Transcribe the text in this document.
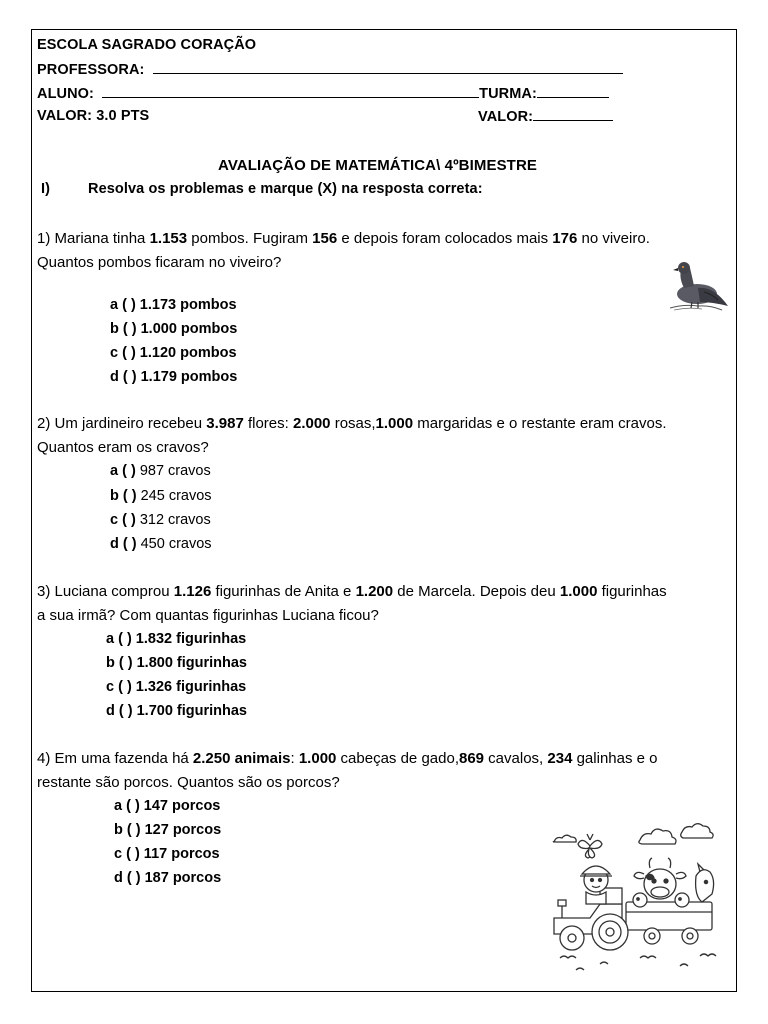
ESCOLA SAGRADO CORAÇÃO
PROFESSORA:
ALUNO:	TURMA:
VALOR: 3.0 PTS	VALOR:
AVALIAÇÃO DE MATEMÁTICA\ 4ºBIMESTRE
I)	Resolva os problemas e marque (X) na resposta correta:
1) Mariana tinha 1.153 pombos. Fugiram 156 e depois foram colocados mais 176 no viveiro.
Quantos pombos ficaram no viveiro?
a ( ) 1.173 pombos
b ( ) 1.000 pombos
c ( ) 1.120 pombos
d ( ) 1.179 pombos
2) Um jardineiro recebeu 3.987 flores: 2.000 rosas,1.000 margaridas e o restante eram cravos.
Quantos eram os cravos?
a ( ) 987 cravos
b ( ) 245 cravos
c ( ) 312 cravos
d ( ) 450 cravos
3) Luciana comprou 1.126 figurinhas de Anita e 1.200 de Marcela. Depois deu 1.000 figurinhas
a sua irmã? Com quantas figurinhas Luciana ficou?
a ( ) 1.832 figurinhas
b ( ) 1.800 figurinhas
c ( ) 1.326 figurinhas
d ( ) 1.700 figurinhas
4) Em uma fazenda há 2.250 animais: 1.000 cabeças de gado,869 cavalos, 234 galinhas e o
restante são porcos. Quantos são os porcos?
a ( ) 147 porcos
b ( ) 127 porcos
c ( ) 117 porcos
d ( ) 187 porcos
